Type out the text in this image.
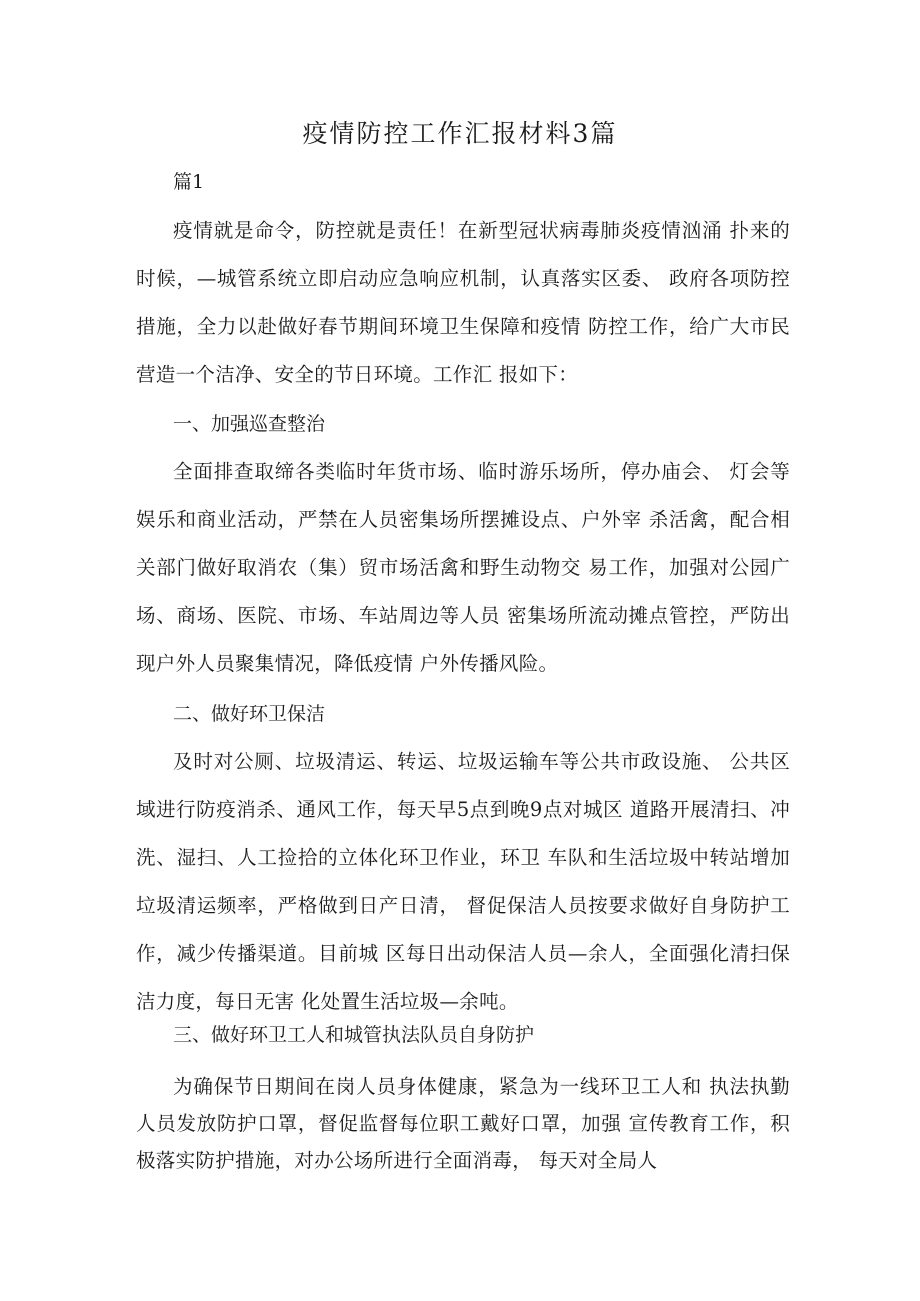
疫情防控工作汇报材料3篇
篇1

疫情就是命令，防控就是责任！在新型冠状病毒肺炎疫情汹涌 扑来的时候，—城管系统立即启动应急响应机制，认真落实区委、 政府各项防控措施，全力以赴做好春节期间环境卫生保障和疫情 防控工作，给广大市民营造一个洁净、安全的节日环境。工作汇 报如下：

一、加强巡查整治

全面排查取缔各类临时年货市场、临时游乐场所，停办庙会、 灯会等娱乐和商业活动，严禁在人员密集场所摆摊设点、户外宰 杀活禽，配合相关部门做好取消农（集）贸市场活禽和野生动物交 易工作，加强对公园广场、商场、医院、市场、车站周边等人员 密集场所流动摊点管控，严防出现户外人员聚集情况，降低疫情 户外传播风险。

二、做好环卫保洁

及时对公厕、垃圾清运、转运、垃圾运输车等公共市政设施、 公共区域进行防疫消杀、通风工作，每天早5点到晚9点对城区 道路开展清扫、冲洗、湿扫、人工捡拾的立体化环卫作业，环卫 车队和生活垃圾中转站增加垃圾清运频率，严格做到日产日清， 督促保洁人员按要求做好自身防护工作，减少传播渠道。目前城 区每日出动保洁人员—余人，全面强化清扫保洁力度，每日无害 化处置生活垃圾—余吨。

三、做好环卫工人和城管执法队员自身防护

为确保节日期间在岗人员身体健康，紧急为一线环卫工人和 执法执勤人员发放防护口罩，督促监督每位职工戴好口罩，加强 宣传教育工作，积极落实防护措施，对办公场所进行全面消毒， 每天对全局人
